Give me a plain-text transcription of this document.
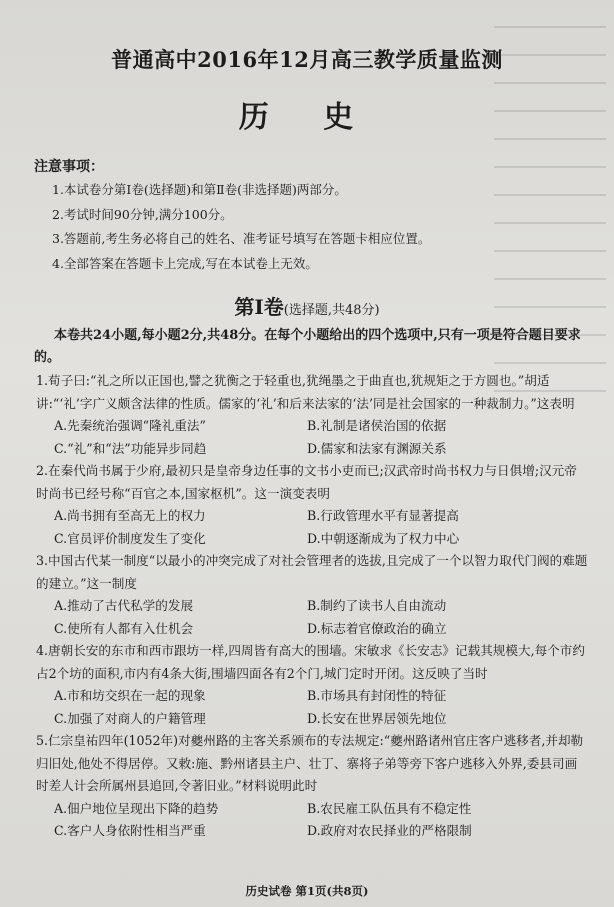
普通高中2016年12月高三教学质量监测
历 史
注意事项：
1.本试卷分第Ⅰ卷(选择题)和第Ⅱ卷(非选择题)两部分。
2.考试时间90分钟,满分100分。
3.答题前,考生务必将自己的姓名、准考证号填写在答题卡相应位置。
4.全部答案在答题卡上完成,写在本试卷上无效。
第Ⅰ卷(选择题,共48分)
本卷共24小题,每小题2分,共48分。在每个小题给出的四个选项中,只有一项是符合题目要求的。
1.荀子曰:“礼之所以正国也,譬之犹衡之于轻重也,犹绳墨之于曲直也,犹规矩之于方圆也。”胡适讲:“‘礼’字广义颇含法律的性质。儒家的‘礼’和后来法家的‘法’同是社会国家的一种裁制力。”这表明
A.先秦统治强调“隆礼重法”	B.礼制是诸侯治国的依据
C.“礼”和“法”功能异步同趋	D.儒家和法家有渊源关系
2.在秦代尚书属于少府,最初只是皇帝身边任事的文书小吏而已;汉武帝时尚书权力与日俱增;汉元帝时尚书已经号称“百官之本,国家枢机”。这一演变表明
A.尚书拥有至高无上的权力	B.行政管理水平有显著提高
C.官员评价制度发生了变化	D.中朝逐渐成为了权力中心
3.中国古代某一制度“以最小的冲突完成了对社会管理者的选拔,且完成了一个以智力取代门阀的难题的建立。”这一制度
A.推动了古代私学的发展	B.制约了读书人自由流动
C.使所有人都有入仕机会	D.标志着官僚政治的确立
4.唐朝长安的东市和西市跟坊一样,四周皆有高大的围墙。宋敏求《长安志》记载其规模大,每个市约占2个坊的面积,市内有4条大街,围墙四面各有2个门,城门定时开闭。这反映了当时
A.市和坊交织在一起的现象	B.市场具有封闭性的特征
C.加强了对商人的户籍管理	D.长安在世界居领先地位
5.仁宗皇祐四年(1052年)对夔州路的主客关系颁布的专法规定:“夔州路诸州官庄客户逃移者,并却勒归旧处,他处不得居停。又敕:施、黔州诸县主户、壮丁、寨将子弟等旁下客户逃移入外界,委县司画时差人计会所属州县追回,令著旧业。”材料说明此时
A.佃户地位呈现出下降的趋势	B.农民雇工队伍具有不稳定性
C.客户人身依附性相当严重	D.政府对农民择业的严格限制
历史试卷 第1页(共8页)
